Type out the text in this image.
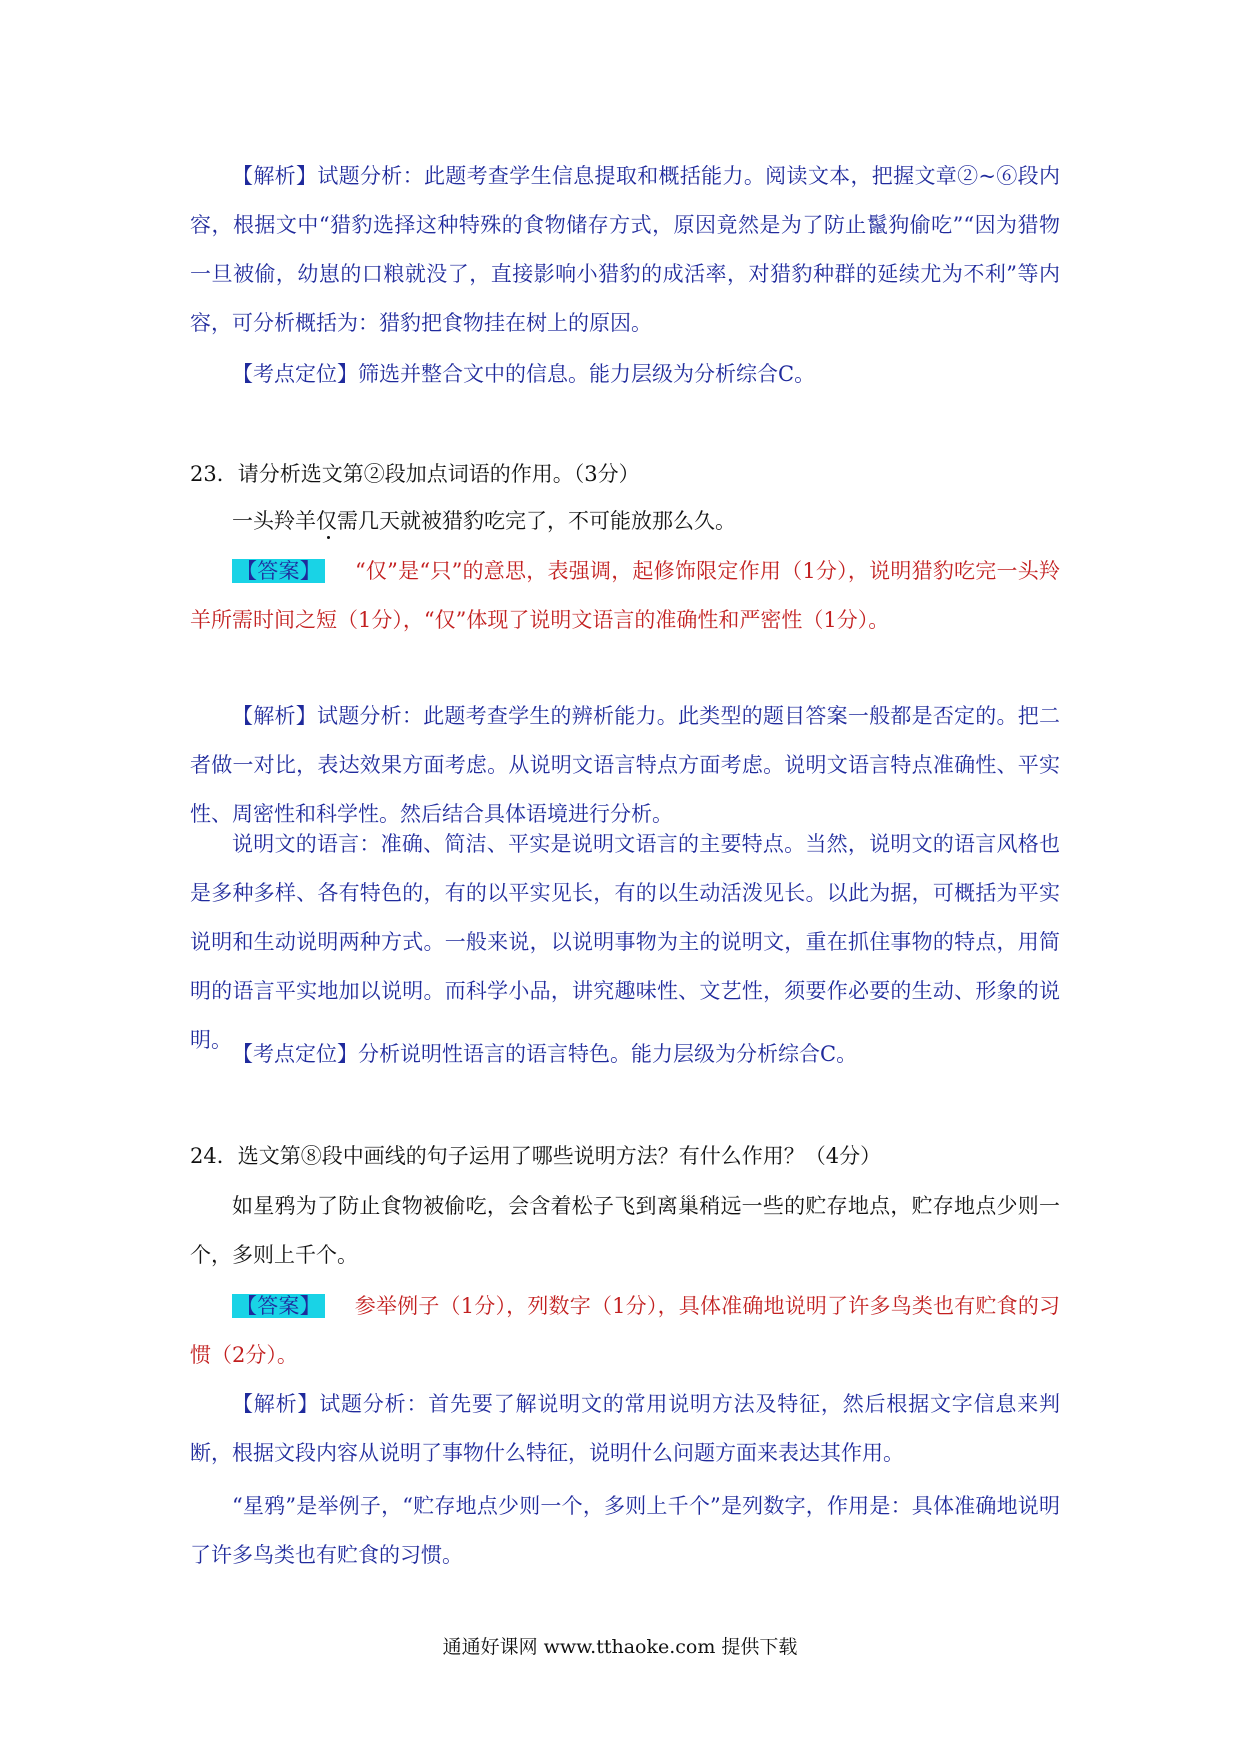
【解析】试题分析：此题考查学生信息提取和概括能力。阅读文本，把握文章②~⑥段内容，根据文中“猎豹选择这种特殊的食物储存方式，原因竟然是为了防止鬣狗偷吃”“因为猎物一旦被偷，幼崽的口粮就没了，直接影响小猎豹的成活率，对猎豹种群的延续尤为不利”等内容，可分析概括为：猎豹把食物挂在树上的原因。

【考点定位】筛选并整合文中的信息。能力层级为分析综合C。

23．请分析选文第②段加点词语的作用。（3分）

一头羚羊仅需几天就被猎豹吃完了，不可能放那么久。

【答案】 “仅”是“只”的意思，表强调，起修饰限定作用（1分），说明猎豹吃完一头羚羊所需时间之短（1分），“仅”体现了说明文语言的准确性和严密性（1分）。

【解析】试题分析：此题考查学生的辨析能力。此类型的题目答案一般都是否定的。把二者做一对比，表达效果方面考虑。从说明文语言特点方面考虑。说明文语言特点准确性、平实性、周密性和科学性。然后结合具体语境进行分析。

说明文的语言：准确、简洁、平实是说明文语言的主要特点。当然，说明文的语言风格也是多种多样、各有特色的，有的以平实见长，有的以生动活泼见长。以此为据，可概括为平实说明和生动说明两种方式。一般来说，以说明事物为主的说明文，重在抓住事物的特点，用简明的语言平实地加以说明。而科学小品，讲究趣味性、文艺性，须要作必要的生动、形象的说明。

【考点定位】分析说明性语言的语言特色。能力层级为分析综合C。

24．选文第⑧段中画线的句子运用了哪些说明方法？有什么作用？（4分）

如星鸦为了防止食物被偷吃，会含着松子飞到离巢稍远一些的贮存地点，贮存地点少则一个，多则上千个。

【答案】 参举例子（1分），列数字（1分），具体准确地说明了许多鸟类也有贮食的习惯（2分）。

【解析】试题分析：首先要了解说明文的常用说明方法及特征，然后根据文字信息来判断，根据文段内容从说明了事物什么特征，说明什么问题方面来表达其作用。

“星鸦”是举例子，“贮存地点少则一个，多则上千个”是列数字，作用是：具体准确地说明了许多鸟类也有贮食的习惯。

通通好课网 www.tthaoke.com 提供下载
